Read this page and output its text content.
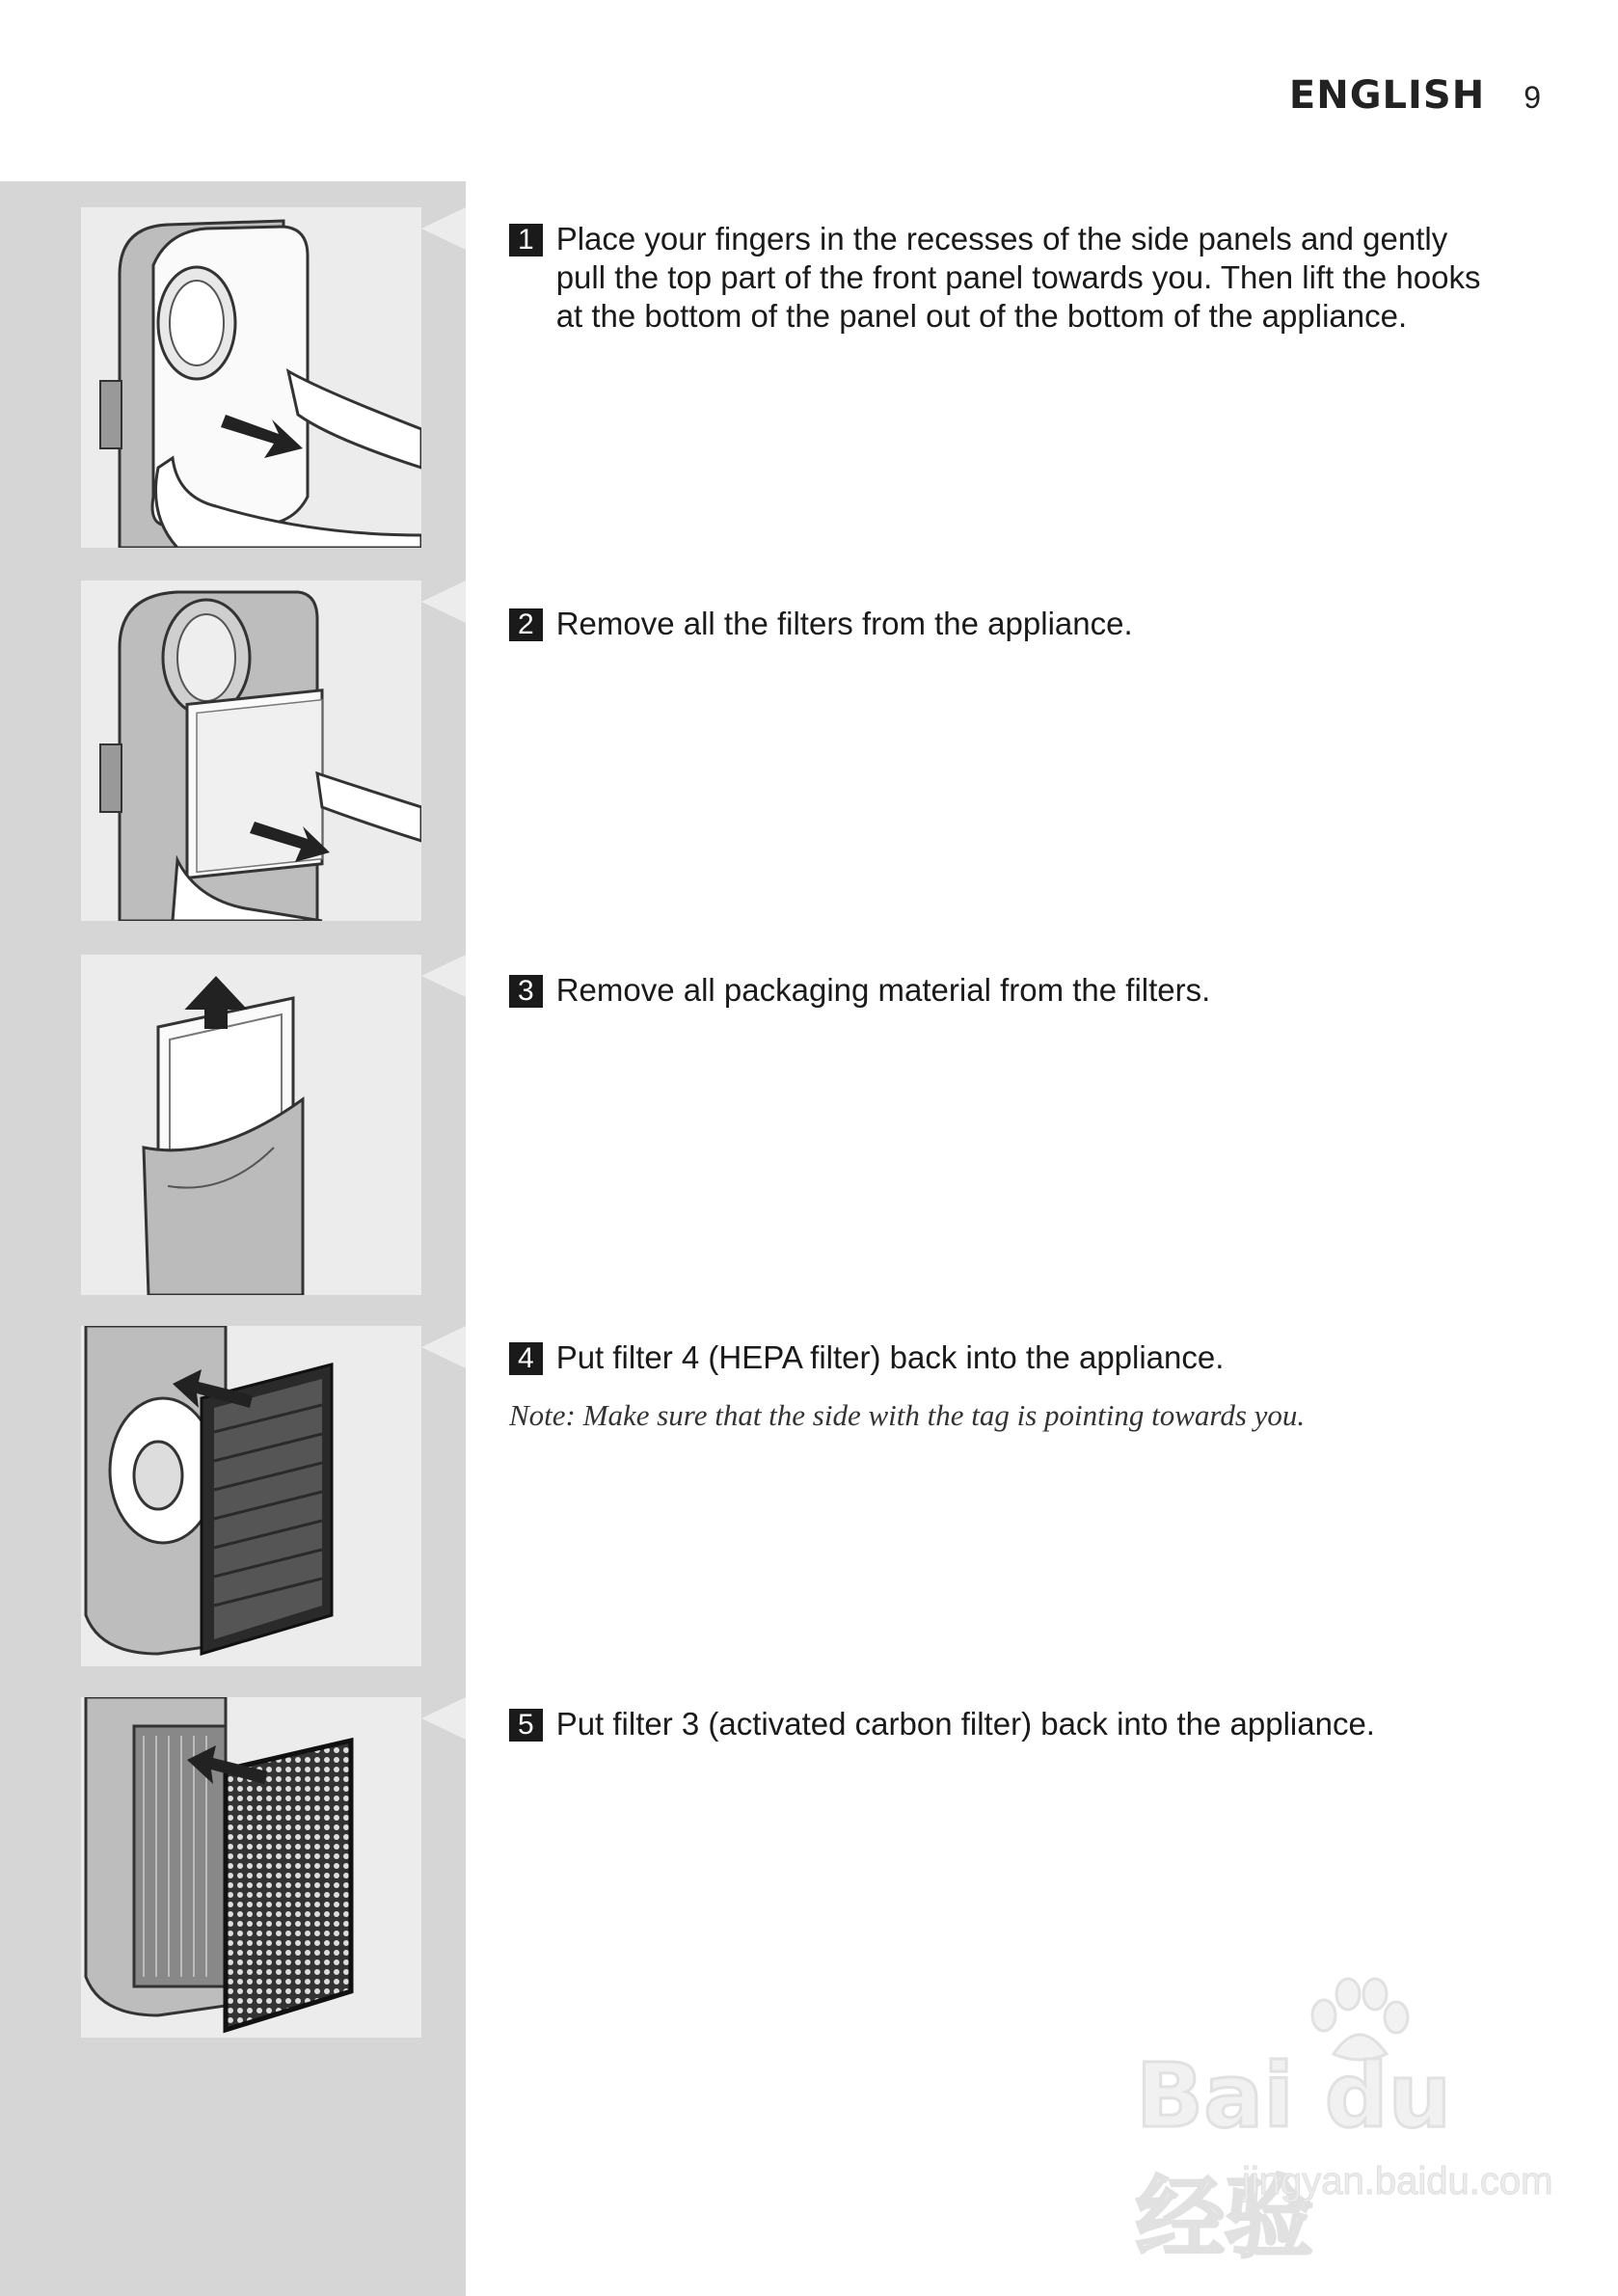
ENGLISH 9
1 Place your fingers in the recesses of the side panels and gently pull the top part of the front panel towards you. Then lift the hooks at the bottom of the panel out of the bottom of the appliance.
2 Remove all the filters from the appliance.
3 Remove all packaging material from the filters.
4 Put filter 4 (HEPA filter) back into the appliance.
Note: Make sure that the side with the tag is pointing towards you.
5 Put filter 3 (activated carbon filter) back into the appliance.
Bai du 经验
jingyan.baidu.com
